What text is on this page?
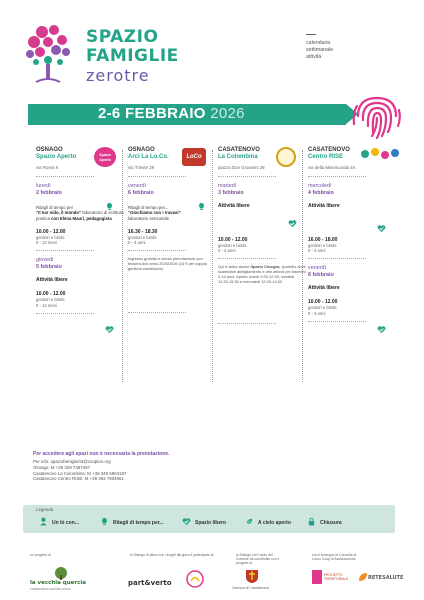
SPAZIO
FAMIGLIE
zerotre
calendario
settimanale
attività
2-6 FEBBRAIO 2026
OSNAGO
Spazio Aperto
via Roma 6
lunedì
2 febbraio
Ritagli di tempo per
“Il tuo nido, il mondo” laboratorio di scrittura poetica con Elena Mauri, pedagogista
10.00 - 12.00
genitori e bimbi
0 - 12 mesi
giovedì
5 febbraio
Attività libere
10.00 - 12.00
genitori e bimbi
0 - 12 mesi
Spazio
Aperto
OSNAGO
Arci La Lo.Co.
via Trieste 29
venerdì
6 febbraio
Ritagli di tempo per...
“Giochiamo con i travasi”
laboratorio sensoriale
16.30 - 18.30
genitori e bimbi
0 - 3 anni
Ingresso gratuito e senza prenotazione con tessera Arci anno 2025/2026 (15 € per coppia genitore-bambino/a)
LoCo
CASATENOVO
La Colombina
piazza Don Giovanni 28
martedì
3 febbraio
Attività libere
10.00 - 12.00
genitori e bimbi
0 - 3 anni
Qui è attivo anche Spazio Cicogna, sportello dove scambiare abbigliamento e altri articoli per bambini 0-14 anni. Aperto lunedì 9.00-12.00, martedì 13.30-15.30 e mercoledì 12.00-14.00
CASATENOVO
Centro RISE
via della Misericordia 4A
mercoledì
4 febbraio
Attività libere
16.00 - 18.00
genitori e bimbi
0 - 3 anni
venerdì
6 febbraio
Attività libere
10.00 - 12.00
genitori e bimbi
0 - 3 anni
Per accedere agli spazi non è necessaria la prenotazione.
Per info: spaziofamiglie03@cooptvo.org
Osnago: M +39 329 7487497
Casatenovo La Colombina: M +39 349 6904187
Casatenovo Centro RISE: M +39 393 7804661
Legenda
Un tè con...	Ritagli di tempo per...	Spazio libero	A cielo aperto	Chiusura
un progetto di	in Dialogo di attivo con i luoghi di
in gioco il partecipato di	in Dialogo con l'aiuto del Comune da coordinato con il progetto di
con il sostegno di Consulta di Lecco Coop di Assicurazione
la vecchia quercia
cooperativa sociale onlus
part&verto
Comune di Casatenovo
PROGETTO TERRITORIALE	RETESALUTE
